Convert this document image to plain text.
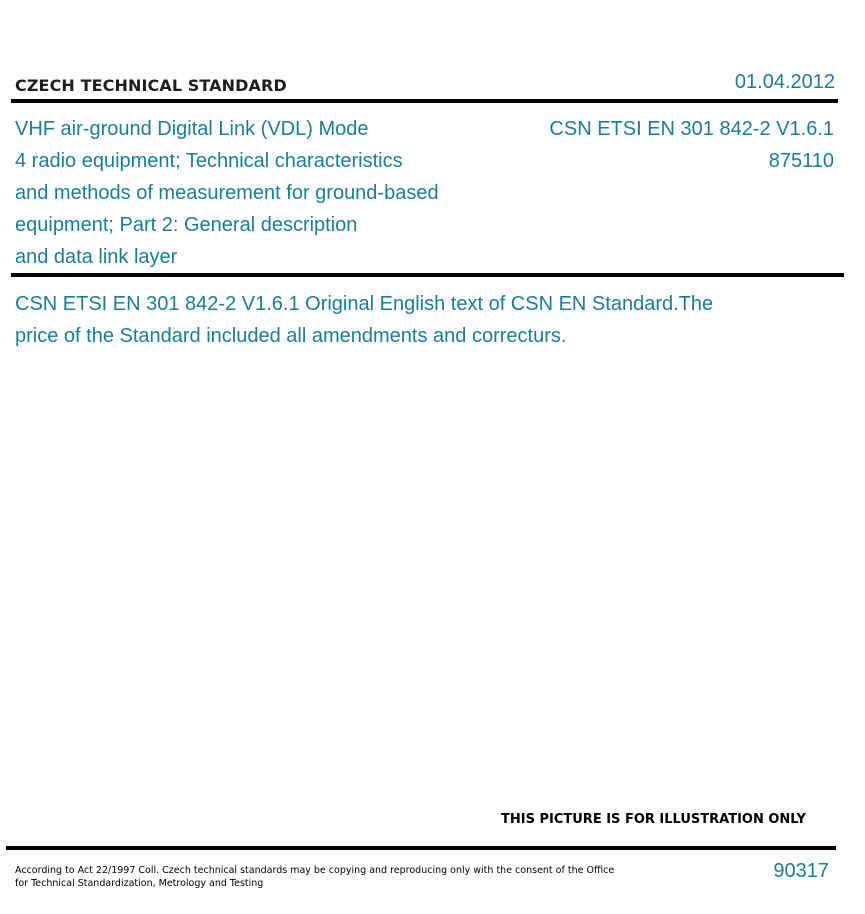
CZECH TECHNICAL STANDARD	01.04.2012
VHF air-ground Digital Link (VDL) Mode
4 radio equipment; Technical characteristics
and methods of measurement for ground-based
equipment; Part 2: General description
and data link layer
CSN ETSI EN 301 842-2 V1.6.1
875110
CSN ETSI EN 301 842-2 V1.6.1 Original English text of CSN EN Standard.The
price of the Standard included all amendments and correcturs.
THIS PICTURE IS FOR ILLUSTRATION ONLY
According to Act 22/1997 Coll. Czech technical standards may be copying and reproducing only with the consent of the Office
for Technical Standardization, Metrology and Testing
90317
